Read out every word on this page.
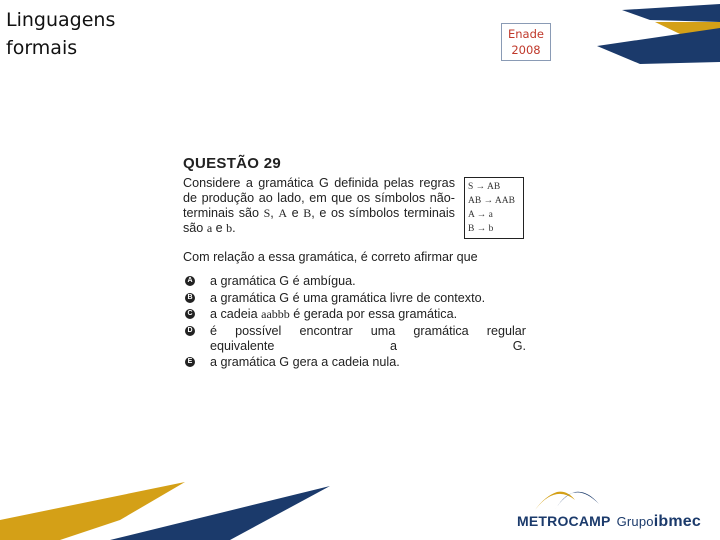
Linguagens
formais
Enade
2008
QUESTÃO 29
Considere a gramática G definida pelas regras de produção ao lado, em que os símbolos não-terminais são S, A e B, e os símbolos terminais são a e b.
S → AB
AB → AAB
A → a
B → b
Com relação a essa gramática, é correto afirmar que
A a gramática G é ambígua.
B a gramática G é uma gramática livre de contexto.
C a cadeia aabbb é gerada por essa gramática.
D é possível encontrar uma gramática regular
equivalente a G.
E a gramática G gera a cadeia nula.
METROCAMP Grupoibmec
